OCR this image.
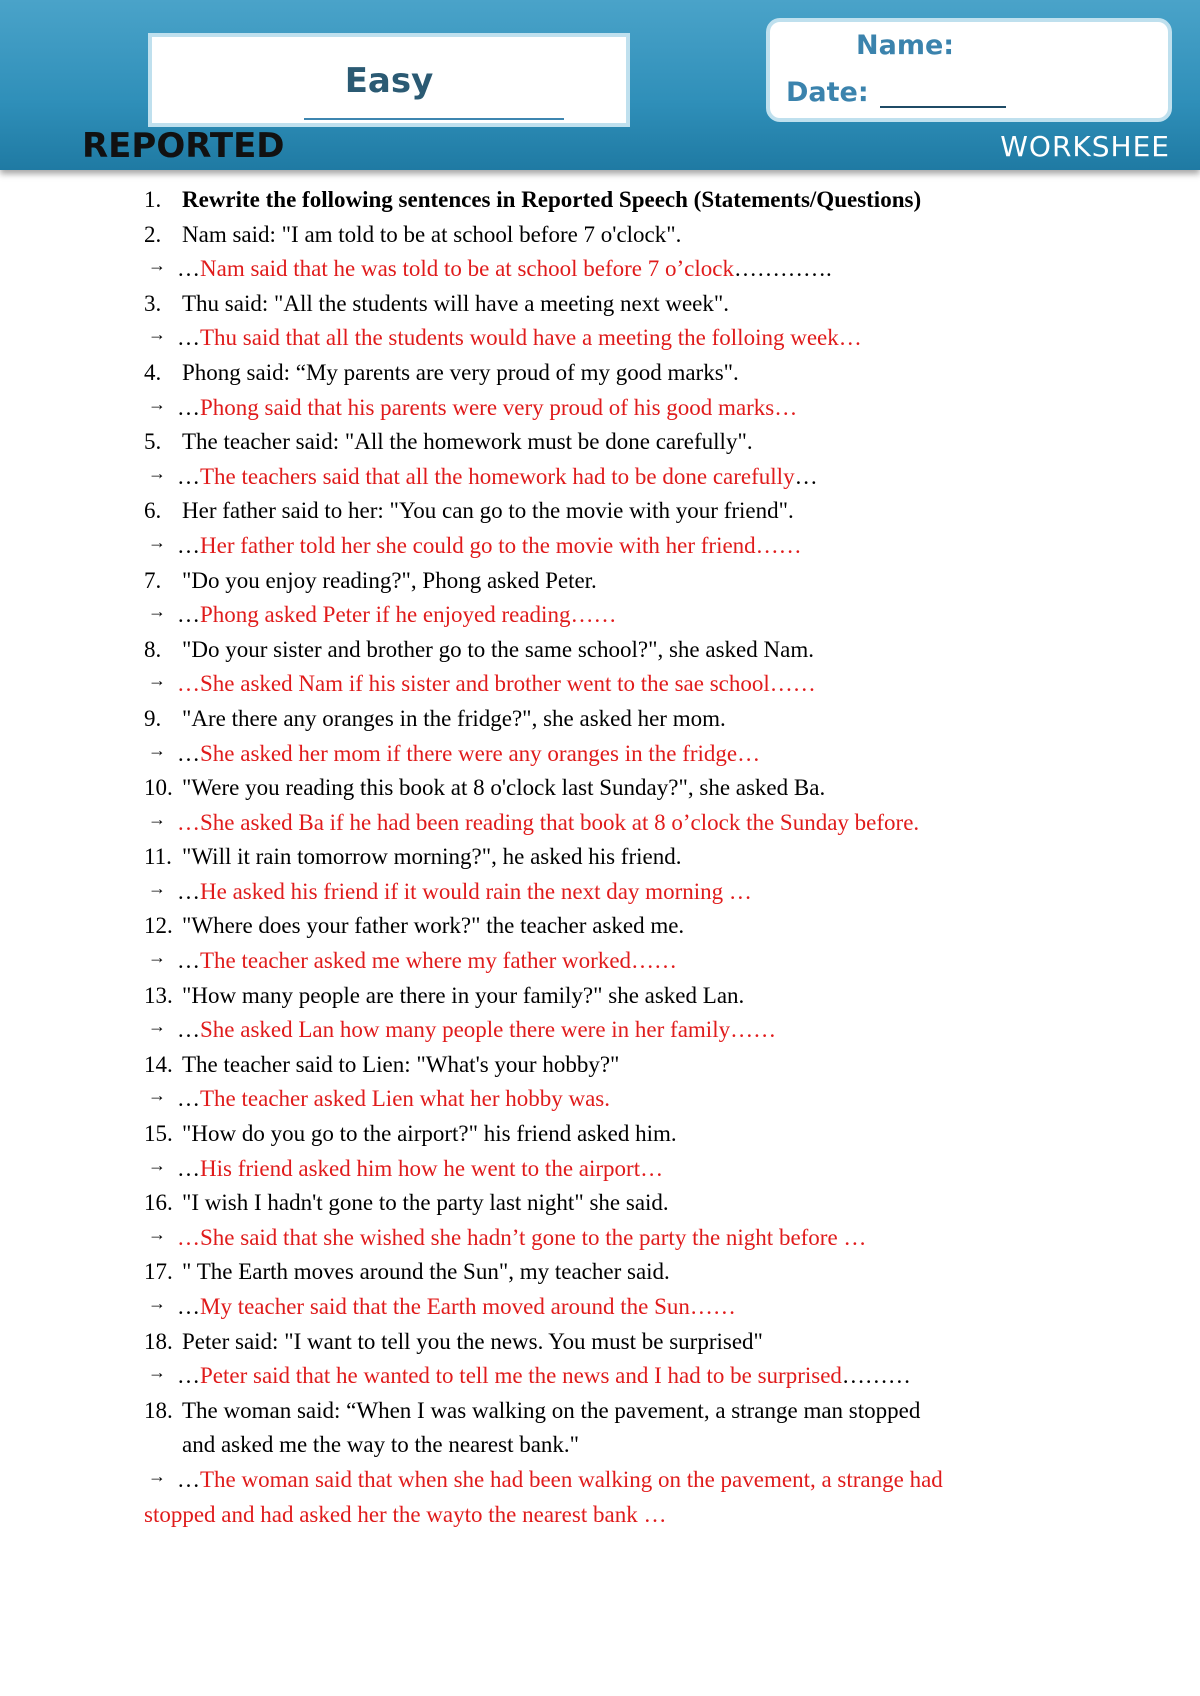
Easy
Name:
Date:
REPORTED	WORKSHEE
1. Rewrite the following sentences in Reported Speech (Statements/Questions)
2. Nam said: "I am told to be at school before 7 o'clock".
→ …Nam said that he was told to be at school before 7 o’clock………….
3. Thu said: "All the students will have a meeting next week".
→ …Thu said that all the students would have a meeting the folloing week…
4. Phong said: “My parents are very proud of my good marks".
→ …Phong said that his parents were very proud of his good marks…
5. The teacher said: "All the homework must be done carefully".
→ …The teachers said that all the homework had to be done carefully…
6. Her father said to her: "You can go to the movie with your friend".
→ …Her father told her she could go to the movie with her friend……
7. "Do you enjoy reading?", Phong asked Peter.
→ …Phong asked Peter if he enjoyed reading……
8. "Do your sister and brother go to the same school?", she asked Nam.
→ …She asked Nam if his sister and brother went to the sae school……
9. "Are there any oranges in the fridge?", she asked her mom.
→ …She asked her mom if there were any oranges in the fridge…
10. "Were you reading this book at 8 o'clock last Sunday?", she asked Ba.
→ …She asked Ba if he had been reading that book at 8 o’clock the Sunday before.
11. "Will it rain tomorrow morning?", he asked his friend.
→ …He asked his friend if it would rain the next day morning …
12. "Where does your father work?" the teacher asked me.
→ …The teacher asked me where my father worked……
13. "How many people are there in your family?" she asked Lan.
→ …She asked Lan how many people there were in her family……
14. The teacher said to Lien: "What's your hobby?"
→ …The teacher asked Lien what her hobby was.
15. "How do you go to the airport?" his friend asked him.
→ …His friend asked him how he went to the airport…
16. "I wish I hadn't gone to the party last night" she said.
→ …She said that she wished she hadn’t gone to the party the night before …
17. " The Earth moves around the Sun", my teacher said.
→ …My teacher said that the Earth moved around the Sun……
18. Peter said: "I want to tell you the news. You must be surprised"
→ …Peter said that he wanted to tell me the news and I had to be surprised………
18. The woman said: “When I was walking on the pavement, a strange man stopped
and asked me the way to the nearest bank."
→ …The woman said that when she had been walking on the pavement, a strange had
stopped and had asked her the wayto the nearest bank …
